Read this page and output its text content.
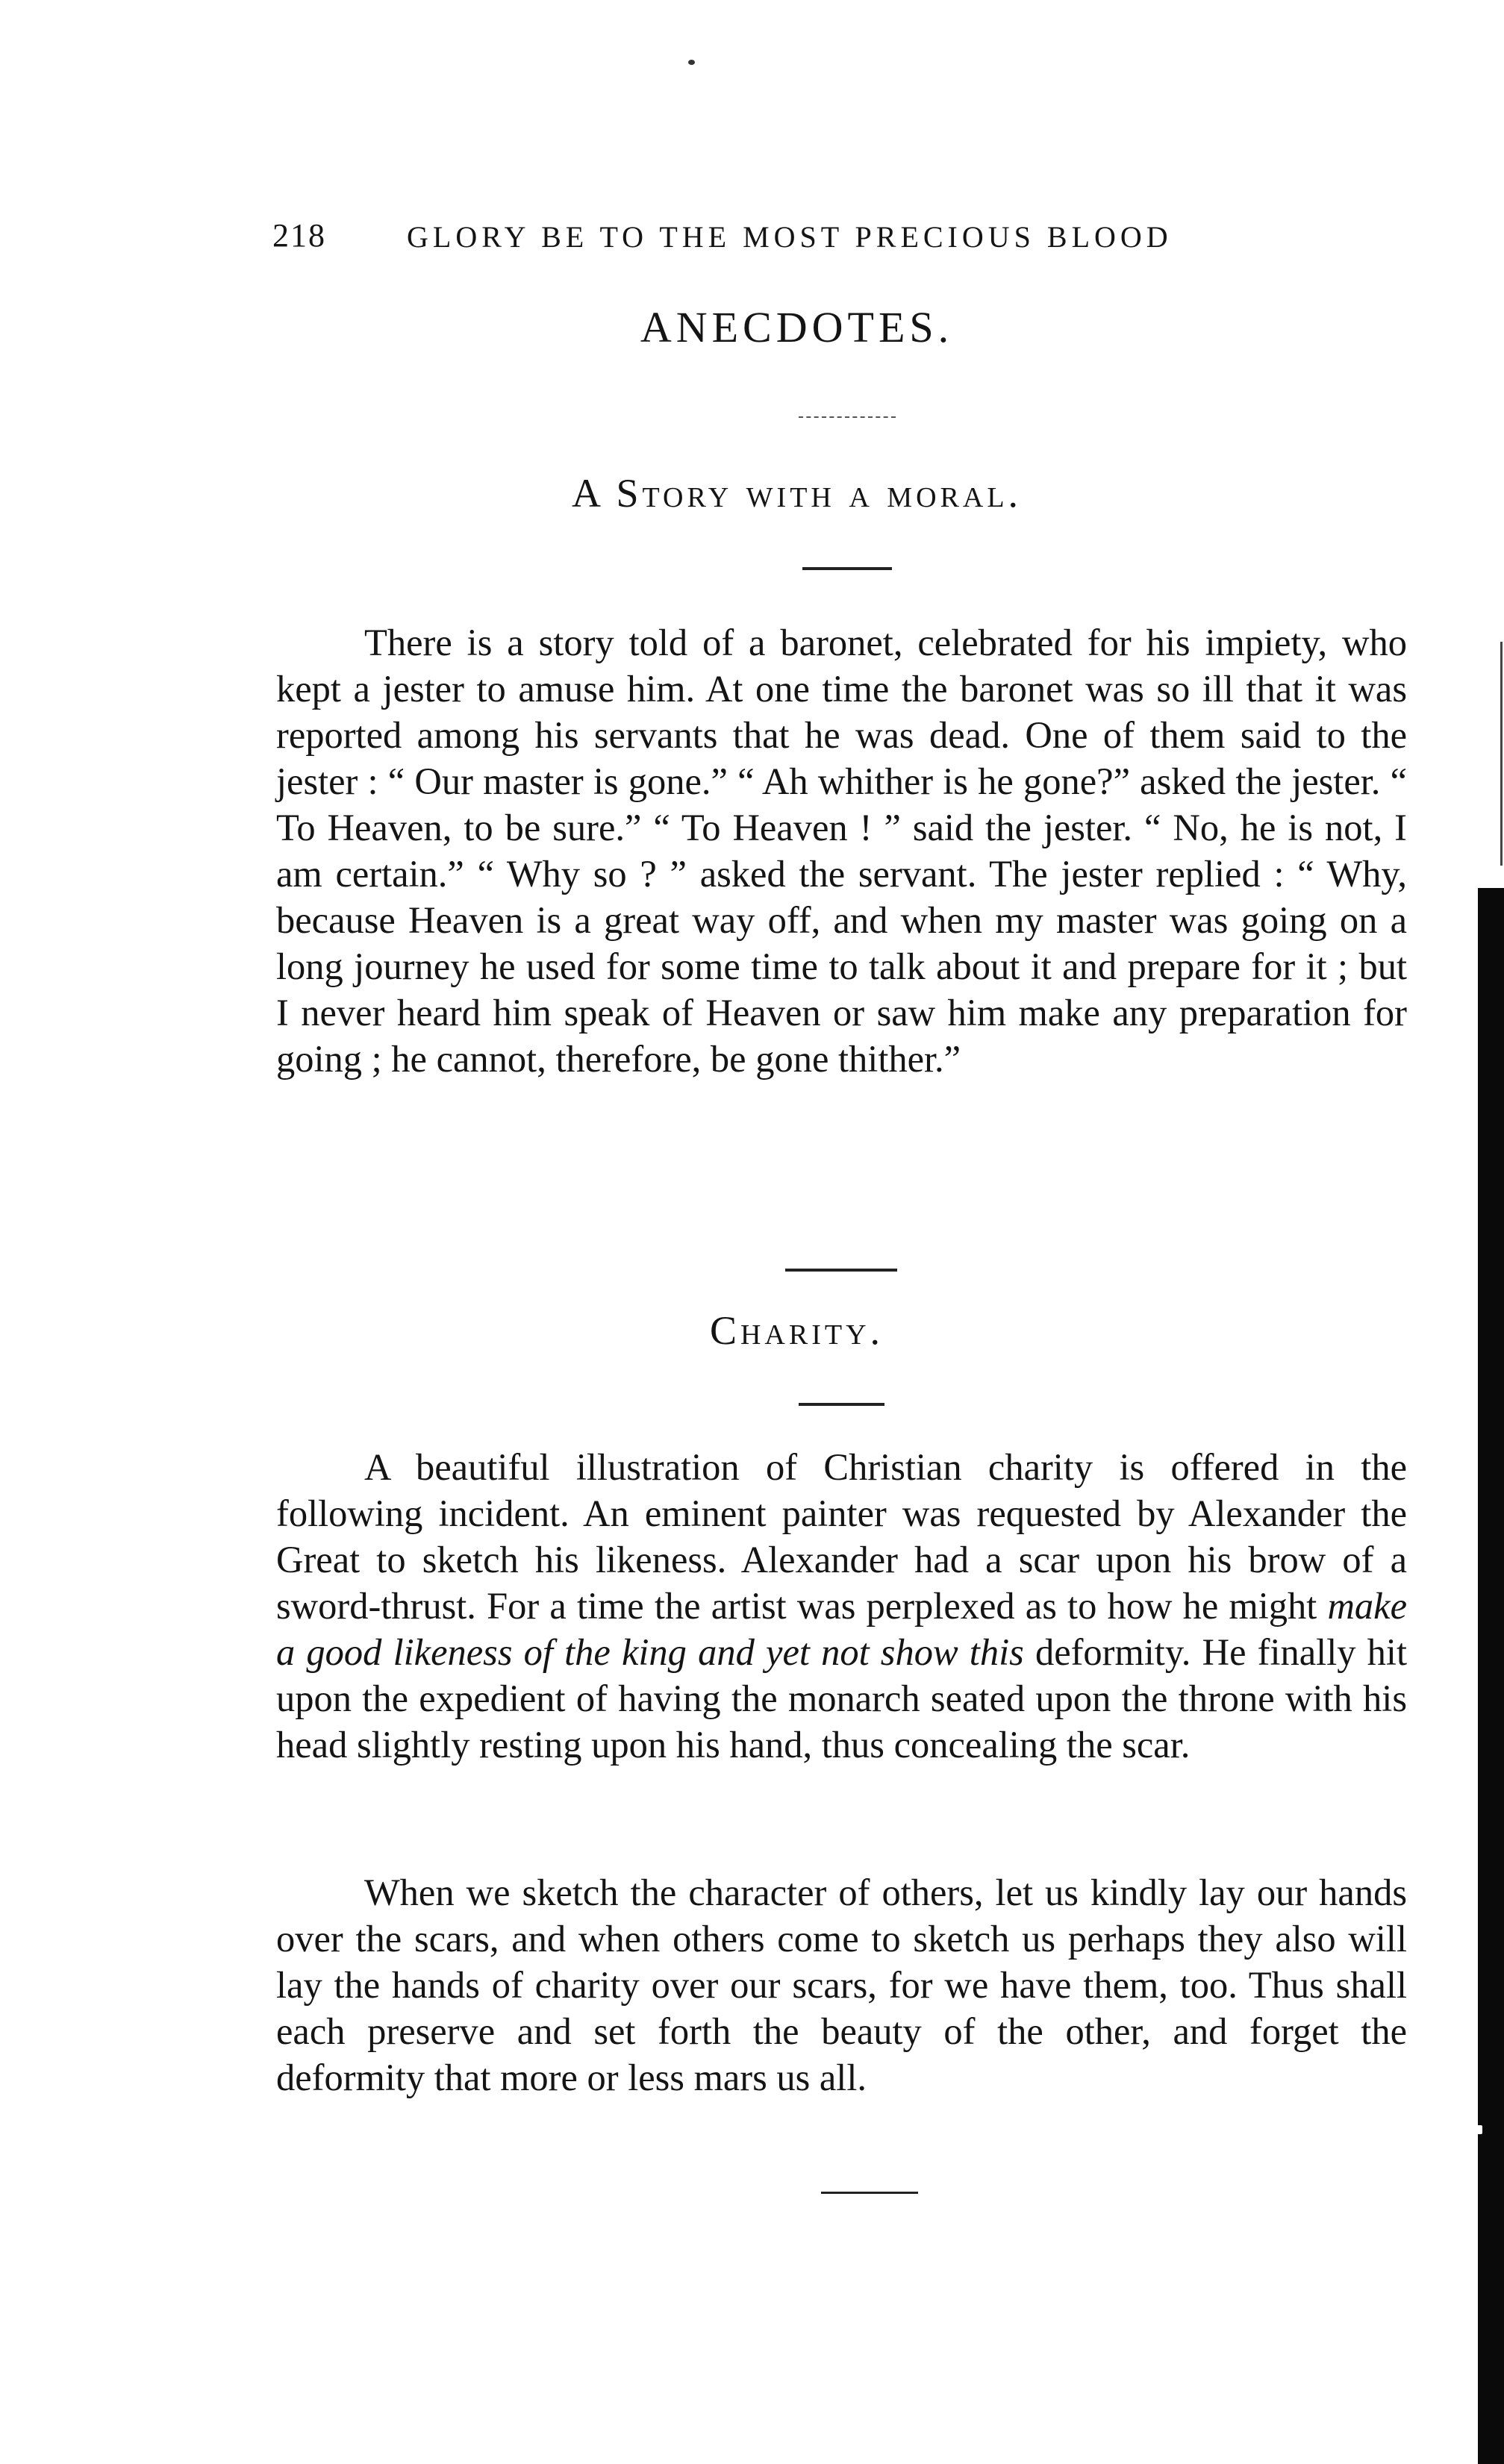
218	GLORY BE TO THE MOST PRECIOUS BLOOD
ANECDOTES.
A Story with a moral.

There is a story told of a baronet, celebrated for his impiety, who kept a jester to amuse him. At one time the baronet was so ill that it was reported among his servants that he was dead. One of them said to the jester : “ Our master is gone.” “ Ah whither is he gone?” asked the jester. “ To Heaven, to be sure.” “ To Heaven ! ” said the jester. “ No, he is not, I am certain.” “ Why so ? ” asked the servant. The jester replied : “ Why, because Heaven is a great way off, and when my master was going on a long journey he used for some time to talk about it and prepare for it ; but I never heard him speak of Heaven or saw him make any preparation for going ; he cannot, therefore, be gone thither.”

Charity.

A beautiful illustration of Christian charity is offered in the following incident. An eminent painter was requested by Alexander the Great to sketch his likeness. Alexander had a scar upon his brow of a sword-thrust. For a time the artist was perplexed as to how he might make a good likeness of the king and yet not show this deformity. He finally hit upon the expedient of having the monarch seated upon the throne with his head slightly resting upon his hand, thus concealing the scar.

When we sketch the character of others, let us kindly lay our hands over the scars, and when others come to sketch us perhaps they also will lay the hands of charity over our scars, for we have them, too. Thus shall each preserve and set forth the beauty of the other, and forget the deformity that more or less mars us all.
